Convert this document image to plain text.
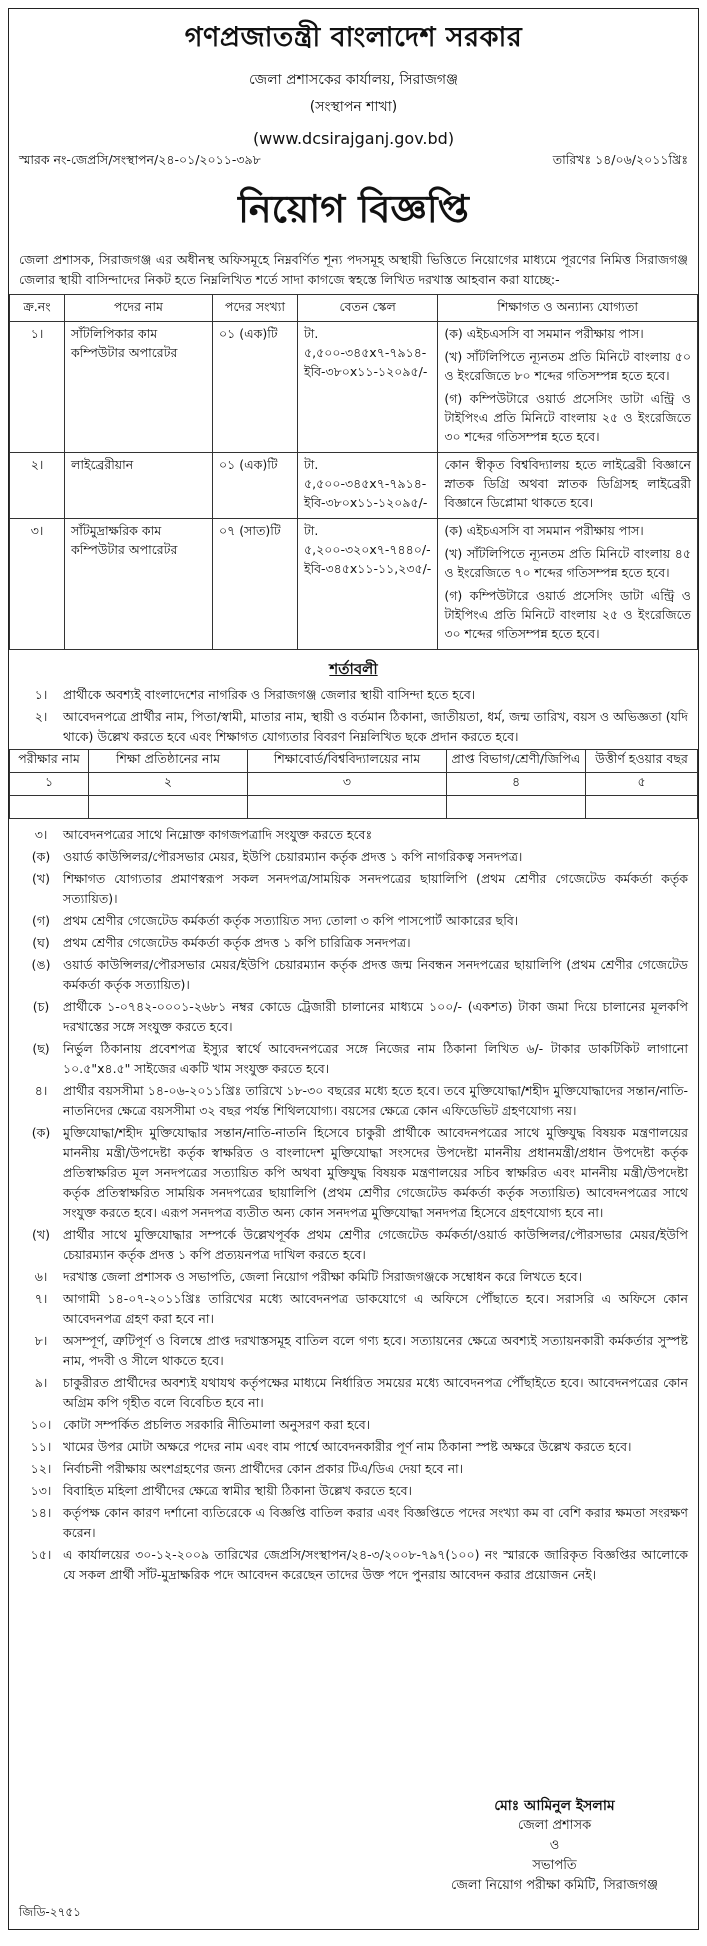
গণপ্রজাতন্ত্রী বাংলাদেশ সরকার
জেলা প্রশাসকের কার্যালয়, সিরাজগঞ্জ
(সংস্থাপন শাখা)
(www.dcsirajganj.gov.bd)
স্মারক নং-জেপ্রসি/সংস্থাপন/২৪-০১/২০১১-৩৯৮	তারিখঃ ১৪/০৬/২০১১খ্রিঃ
নিয়োগ বিজ্ঞপ্তি
জেলা প্রশাসক, সিরাজগঞ্জ এর অধীনস্থ অফিসমূহে নিম্নবর্ণিত শূন্য পদসমূহ অস্থায়ী ভিত্তিতে নিয়োগের মাধ্যমে পূরণের নিমিত্ত সিরাজগঞ্জ জেলার স্থায়ী বাসিন্দাদের নিকট হতে নিম্নলিখিত শর্তে সাদা কাগজে স্বহস্তে লিখিত দরখাস্ত আহবান করা যাচ্ছে:-
ক্র.নং	পদের নাম	পদের সংখ্যা	বেতন স্কেল	শিক্ষাগত ও অন্যান্য যোগ্যতা
১।	সাঁটলিপিকার কাম কম্পিউটার অপারেটর	০১ (এক)টি	টা. ৫,৫০০-৩৪৫x৭-৭৯১৪-ইবি-৩৮০x১১-১২০৯৫/-	(ক) এইচএসসি বা সমমান পরীক্ষায় পাস।

(খ) সাঁটলিপিতে ন্যূনতম প্রতি মিনিটে বাংলায় ৫০ ও ইংরেজিতে ৮০ শব্দের গতিসম্পন্ন হতে হবে।

(গ) কম্পিউটারে ওয়ার্ড প্রসেসিং ডাটা এন্ট্রি ও টাইপিংএ প্রতি মিনিটে বাংলায় ২৫ ও ইংরেজিতে ৩০ শব্দের গতিসম্পন্ন হতে হবে।

২।	লাইব্রেরীয়ান	০১ (এক)টি	টা. ৫,৫০০-৩৪৫x৭-৭৯১৪-ইবি-৩৮০x১১-১২০৯৫/-	কোন স্বীকৃত বিশ্ববিদ্যালয় হতে লাইব্রেরী বিজ্ঞানে স্নাতক ডিগ্রি অথবা স্নাতক ডিগ্রিসহ লাইব্রেরী বিজ্ঞানে ডিপ্লোমা থাকতে হবে।

৩।	সাঁটমুদ্রাক্ষরিক কাম কম্পিউটার অপারেটর	০৭ (সাত)টি	টা. ৫,২০০-৩২০x৭-৭৪৪০/- ইবি-৩৪৫x১১-১১,২৩৫/-	(ক) এইচএসসি বা সমমান পরীক্ষায় পাস।

(খ) সাঁটলিপিতে ন্যূনতম প্রতি মিনিটে বাংলায় ৪৫ ও ইংরেজিতে ৭০ শব্দের গতিসম্পন্ন হতে হবে।

(গ) কম্পিউটারে ওয়ার্ড প্রসেসিং ডাটা এন্ট্রি ও টাইপিংএ প্রতি মিনিটে বাংলায় ২৫ ও ইংরেজিতে ৩০ শব্দের গতিসম্পন্ন হতে হবে।

শর্তাবলী
১।	প্রার্থীকে অবশ্যই বাংলাদেশের নাগরিক ও সিরাজগঞ্জ জেলার স্থায়ী বাসিন্দা হতে হবে।
২।	আবেদনপত্রে প্রার্থীর নাম, পিতা/স্বামী, মাতার নাম, স্থায়ী ও বর্তমান ঠিকানা, জাতীয়তা, ধর্ম, জন্ম তারিখ, বয়স ও অভিজ্ঞতা (যদি থাকে) উল্লেখ করতে হবে এবং শিক্ষাগত যোগ্যতার বিবরণ নিম্নলিখিত ছকে প্রদান করতে হবে।
পরীক্ষার নাম	শিক্ষা প্রতিষ্ঠানের নাম	শিক্ষাবোর্ড/বিশ্ববিদ্যালয়ের নাম	প্রাপ্ত বিভাগ/শ্রেণী/জিপিএ	উত্তীর্ণ হওয়ার বছর
১	২	৩	৪	৫

৩।	আবেদনপত্রের সাথে নিম্নোক্ত কাগজপত্রাদি সংযুক্ত করতে হবেঃ
(ক)	ওয়ার্ড কাউন্সিলর/পৌরসভার মেয়র, ইউপি চেয়ারম্যান কর্তৃক প্রদত্ত ১ কপি নাগরিকত্ব সনদপত্র।
(খ)	শিক্ষাগত যোগ্যতার প্রমাণস্বরূপ সকল সনদপত্র/সাময়িক সনদপত্রের ছায়ালিপি (প্রথম শ্রেণীর গেজেটেড কর্মকর্তা কর্তৃক সত্যায়িত)।
(গ)	প্রথম শ্রেণীর গেজেটেড কর্মকর্তা কর্তৃক সত্যায়িত সদ্য তোলা ৩ কপি পাসপোর্ট আকারের ছবি।
(ঘ)	প্রথম শ্রেণীর গেজেটেড কর্মকর্তা কর্তৃক প্রদত্ত ১ কপি চারিত্রিক সনদপত্র।
(ঙ)	ওয়ার্ড কাউন্সিলর/পৌরসভার মেয়র/ইউপি চেয়ারম্যান কর্তৃক প্রদত্ত জন্ম নিবন্ধন সনদপত্রের ছায়ালিপি (প্রথম শ্রেণীর গেজেটেড কর্মকর্তা কর্তৃক সত্যায়িত)।
(চ)	প্রার্থীকে ১-০৭৪২-০০০১-২৬৮১ নম্বর কোডে ট্রেজারী চালানের মাধ্যমে ১০০/- (একশত) টাকা জমা দিয়ে চালানের মূলকপি দরখাস্তের সঙ্গে সংযুক্ত করতে হবে।
(ছ)	নির্ভুল ঠিকানায় প্রবেশপত্র ইস্যুর স্বার্থে আবেদনপত্রের সঙ্গে নিজের নাম ঠিকানা লিখিত ৬/- টাকার ডাকটিকিট লাগানো ১০.৫"x৪.৫" সাইজের একটি খাম সংযুক্ত করতে হবে।
৪।	প্রার্থীর বয়সসীমা ১৪-০৬-২০১১খ্রিঃ তারিখে ১৮-৩০ বছরের মধ্যে হতে হবে। তবে মুক্তিযোদ্ধা/শহীদ মুক্তিযোদ্ধাদের সন্তান/নাতি-নাতনিদের ক্ষেত্রে বয়সসীমা ৩২ বছর পর্যন্ত শিথিলযোগ্য। বয়সের ক্ষেত্রে কোন এফিডেভিট গ্রহণযোগ্য নয়।
(ক)	মুক্তিযোদ্ধা/শহীদ মুক্তিযোদ্ধার সন্তান/নাতি-নাতনি হিসেবে চাকুরী প্রার্থীকে আবেদনপত্রের সাথে মুক্তিযুদ্ধ বিষয়ক মন্ত্রণালয়ের মাননীয় মন্ত্রী/উপদেষ্টা কর্তৃক স্বাক্ষরিত ও বাংলাদেশ মুক্তিযোদ্ধা সংসদের উপদেষ্টা মাননীয় প্রধানমন্ত্রী/প্রধান উপদেষ্টা কর্তৃক প্রতিস্বাক্ষরিত মূল সনদপত্রের সত্যায়িত কপি অথবা মুক্তিযুদ্ধ বিষয়ক মন্ত্রণালয়ের সচিব স্বাক্ষরিত এবং মাননীয় মন্ত্রী/উপদেষ্টা কর্তৃক প্রতিস্বাক্ষরিত সাময়িক সনদপত্রের ছায়ালিপি (প্রথম শ্রেণীর গেজেটেড কর্মকর্তা কর্তৃক সত্যায়িত) আবেদনপত্রের সাথে সংযুক্ত করতে হবে। এরূপ সনদপত্র ব্যতীত অন্য কোন সনদপত্র মুক্তিযোদ্ধা সনদপত্র হিসেবে গ্রহণযোগ্য হবে না।
(খ)	প্রার্থীর সাথে মুক্তিযোদ্ধার সম্পর্কে উল্লেখপূর্বক প্রথম শ্রেণীর গেজেটেড কর্মকর্তা/ওয়ার্ড কাউন্সিলর/পৌরসভার মেয়র/ইউপি চেয়ারম্যান কর্তৃক প্রদত্ত ১ কপি প্রত্যয়নপত্র দাখিল করতে হবে।
৬।	দরখাস্ত জেলা প্রশাসক ও সভাপতি, জেলা নিয়োগ পরীক্ষা কমিটি সিরাজগঞ্জকে সম্বোধন করে লিখতে হবে।
৭।	আগামী ১৪-০৭-২০১১খ্রিঃ তারিখের মধ্যে আবেদনপত্র ডাকযোগে এ অফিসে পৌঁছাতে হবে। সরাসরি এ অফিসে কোন আবেদনপত্র গ্রহণ করা হবে না।
৮।	অসম্পূর্ণ, ত্রুটিপূর্ণ ও বিলম্বে প্রাপ্ত দরখাস্তসমূহ বাতিল বলে গণ্য হবে। সত্যায়নের ক্ষেত্রে অবশ্যই সত্যায়নকারী কর্মকর্তার সুস্পষ্ট নাম, পদবী ও সীলে থাকতে হবে।
৯।	চাকুরীরত প্রার্থীদের অবশ্যই যথাযথ কর্তৃপক্ষের মাধ্যমে নির্ধারিত সময়ের মধ্যে আবেদনপত্র পৌঁছাইতে হবে। আবেদনপত্রের কোন অগ্রিম কপি গৃহীত বলে বিবেচিত হবে না।
১০। কোটা সম্পর্কিত প্রচলিত সরকারি নীতিমালা অনুসরণ করা হবে।
১১। খামের উপর মোটা অক্ষরে পদের নাম এবং বাম পার্শ্বে আবেদনকারীর পূর্ণ নাম ঠিকানা স্পষ্ট অক্ষরে উল্লেখ করতে হবে।
১২। নির্বাচনী পরীক্ষায় অংশগ্রহণের জন্য প্রার্থীদের কোন প্রকার টিএ/ডিএ দেয়া হবে না।
১৩। বিবাহিত মহিলা প্রার্থীদের ক্ষেত্রে স্বামীর স্থায়ী ঠিকানা উল্লেখ করতে হবে।
১৪। কর্তৃপক্ষ কোন কারণ দর্শানো ব্যতিরেকে এ বিজ্ঞপ্তি বাতিল করার এবং বিজ্ঞপ্তিতে পদের সংখ্যা কম বা বেশি করার ক্ষমতা সংরক্ষণ করেন।
১৫। এ কার্যালয়ের ৩০-১২-২০০৯ তারিখের জেপ্রসি/সংস্থাপন/২৪-৩/২০০৮-৭৯৭(১০০) নং স্মারকে জারিকৃত বিজ্ঞপ্তির আলোকে যে সকল প্রার্থী সাঁট-মুদ্রাক্ষরিক পদে আবেদন করেছেন তাদের উক্ত পদে পুনরায় আবেদন করার প্রয়োজন নেই।
মোঃ আমিনুল ইসলাম
জেলা প্রশাসক
ও
সভাপতি
জেলা নিয়োগ পরীক্ষা কমিটি, সিরাজগঞ্জ
জিডি-২৭৫১
